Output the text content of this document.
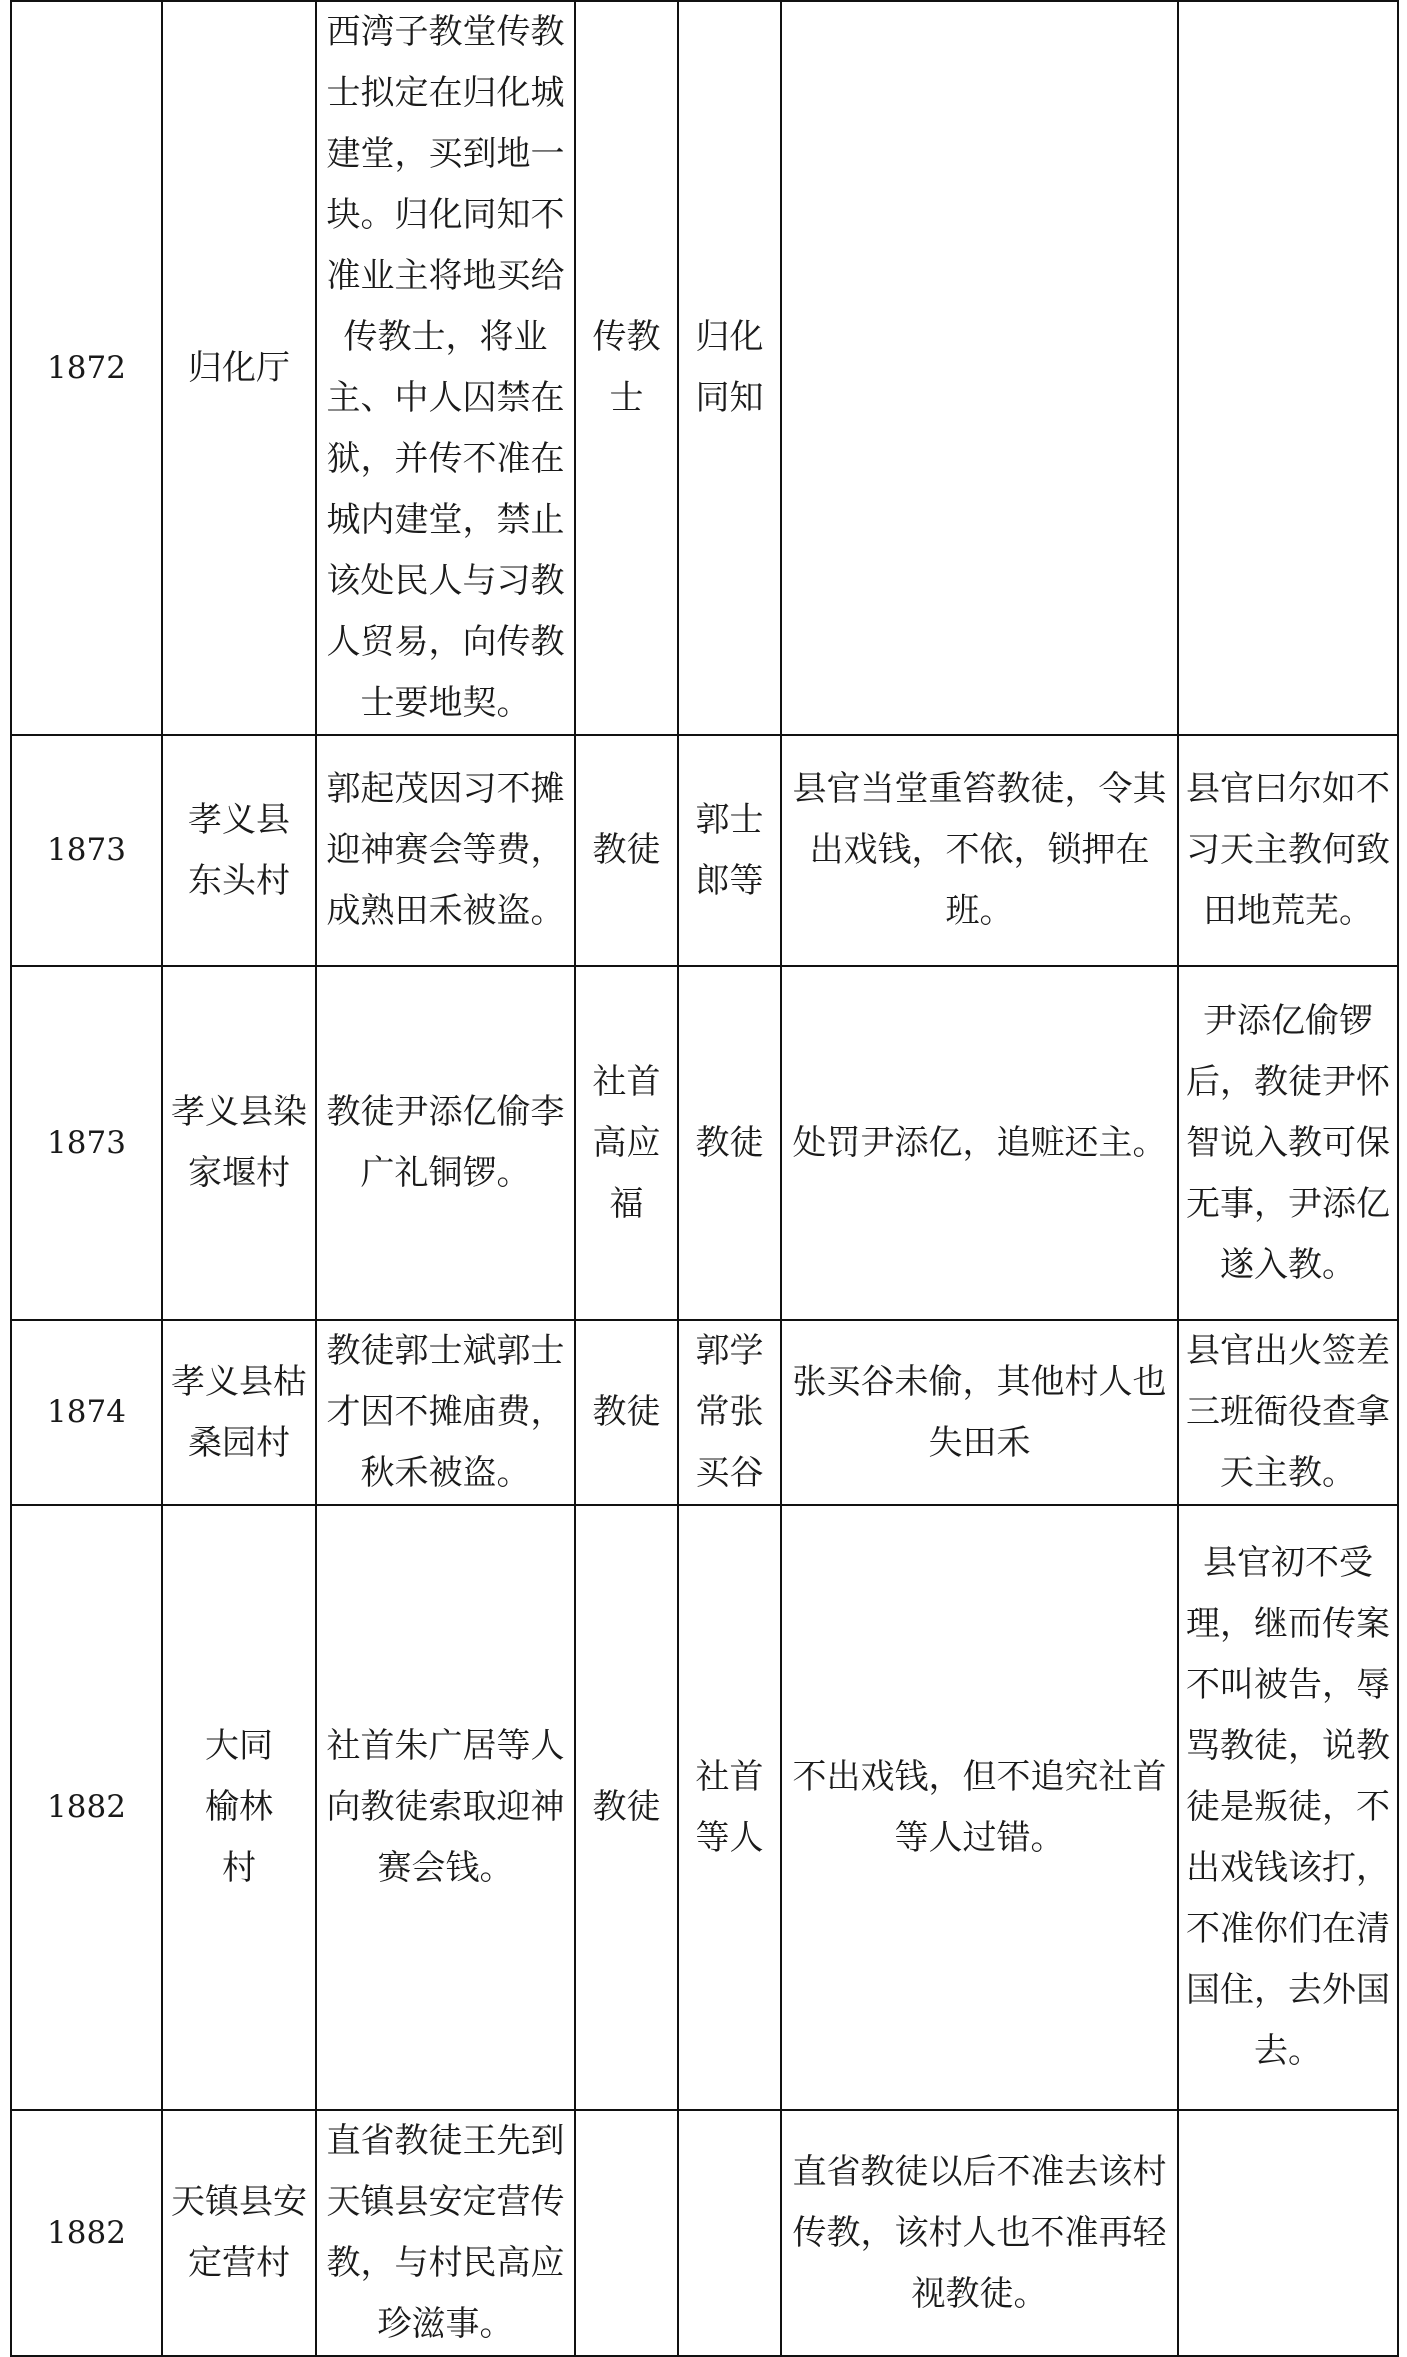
1872	归化厅	西湾子教堂传教士拟定在归化城建堂，买到地一块。归化同知不准业主将地买给传教士，将业主、中人囚禁在狱，并传不准在城内建堂，禁止该处民人与习教人贸易，向传教士要地契。	传教士	归化同知		
1873	孝义县东头村	郭起茂因习不摊迎神赛会等费，成熟田禾被盗。	教徒	郭士郎等	县官当堂重笞教徒，令其出戏钱，不依，锁押在班。	县官曰尔如不习天主教何致田地荒芜。
1873	孝义县染家堰村	教徒尹添亿偷李广礼铜锣。	社首高应福	教徒	处罚尹添亿，追赃还主。	尹添亿偷锣后，教徒尹怀智说入教可保无事，尹添亿遂入教。
1874	孝义县枯桑园村	教徒郭士斌郭士才因不摊庙费，秋禾被盗。	教徒	郭学常张买谷	张买谷未偷，其他村人也失田禾	县官出火签差三班衙役查拿天主教。
1882	大同榆林村	社首朱广居等人向教徒索取迎神赛会钱。	教徒	社首等人	不出戏钱，但不追究社首等人过错。	县官初不受理，继而传案不叫被告，辱骂教徒，说教徒是叛徒，不出戏钱该打，不准你们在清国住，去外国去。
1882	天镇县安定营村	直省教徒王先到天镇县安定营传教，与村民高应珍滋事。			直省教徒以后不准去该村传教，该村人也不准再轻视教徒。	
